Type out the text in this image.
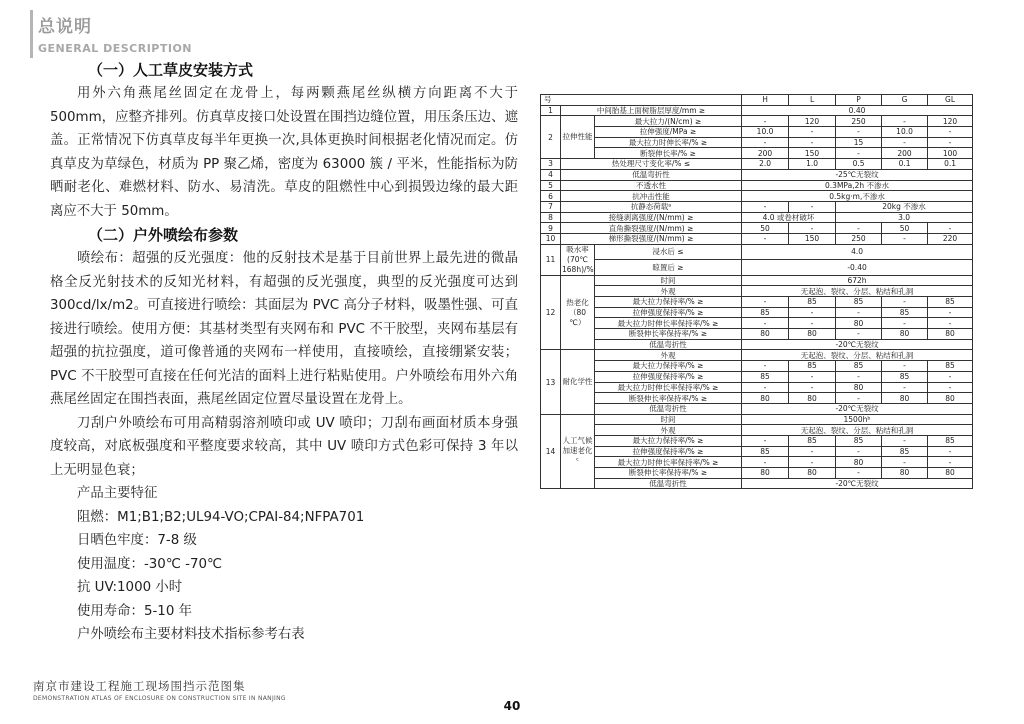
总说明
GENERAL DESCRIPTION
（一）人工草皮安装方式
用外六角燕尾丝固定在龙骨上，每两颗燕尾丝纵横方向距离不大于500mm，应整齐排列。仿真草皮接口处设置在围挡边缝位置，用压条压边、遮盖。正常情况下仿真草皮每半年更换一次,具体更换时间根据老化情况而定。仿真草皮为草绿色，材质为 PP 聚乙烯，密度为 63000 簇 / 平米，性能指标为防晒耐老化、难燃材料、防水、易清洗。草皮的阻燃性中心到损毁边缘的最大距离应不大于 50mm。
（二）户外喷绘布参数
喷绘布：超强的反光强度：他的反射技术是基于目前世界上最先进的微晶格全反光射技术的反知光材料，有超强的反光强度，典型的反光强度可达到 300cd/lx/m2。可直接进行喷绘：其面层为 PVC 高分子材料，吸墨性强、可直接进行喷绘。使用方便：其基材类型有夹网布和 PVC 不干胶型，夹网布基层有超强的抗拉强度，道可像普通的夹网布一样使用，直接喷绘，直接绷紧安装；PVC 不干胶型可直接在任何光洁的面料上进行粘贴使用。户外喷绘布用外六角燕尾丝固定在围挡表面，燕尾丝固定位置尽量设置在龙骨上。
刀刮户外喷绘布可用高精弱溶剂喷印或 UV 喷印；刀刮布画面材质本身强度较高，对底板强度和平整度要求较高，其中 UV 喷印方式色彩可保持 3 年以上无明显色衰；
产品主要特征
阻燃：M1;B1;B2;UL94-VO;CPAI-84;NFPA701
日晒色牢度：7-8 级
使用温度：-30℃ -70℃
抗 UV:1000 小时
使用寿命：5-10 年
户外喷绘布主要材料技术指标参考右表
南京市建设工程施工现场围挡示范图集
DEMONSTRATION ATLAS OF ENCLOSURE ON CONSTRUCTION SITE IN NANJING
40
号			H	L	P	G	GL
1	中间胎基上面树脂层厚度/mm ≥		0.40				
2	拉伸性能	最大拉力/(N/cm) ≥	-	120	250	-	120
		拉伸强度/MPa ≥	10.0	-	-	10.0	-
		最大拉力时伸长率/% ≥	-	-	15	-	-
		断裂伸长率/% ≥	200	150	-	200	100
3	热处理尺寸变化率/% ≤		2.0	1.0	0.5	0.1	0.1
4	低温弯折性		-25℃无裂纹				
5	不透水性		0.3MPa,2h 不渗水				
6	抗冲击性能		0.5kg·m,不渗水				
7	抗静态荷载ᵃ		-	-	20kg 不渗水		
8	接缝剥离强度/(N/mm) ≥		4.0 或卷材破坏		3.0		
9	直角撕裂强度/(N/mm) ≥		50	-	-	50	-
10	梯形撕裂强度/(N/mm) ≥		-	150	250	-	220
11	吸水率(70℃ 168h)/%	浸水后 ≤	4.0				
		晾置后 ≥	-0.40				
12	热老化（80 ℃）	时间	672h				
		外观	无起泡、裂纹、分层、粘结和孔洞				
		最大拉力保持率/% ≥	-	85	85	-	85
		拉伸强度保持率/% ≥	85	-	-	85	-
		最大拉力时伸长率保持率/% ≥	-	-	80	-	-
		断裂伸长率保持率/% ≥	80	80	-	80	80
		低温弯折性	-20℃无裂纹				
13	耐化学性	外观	无起泡、裂纹、分层、粘结和孔洞				
		最大拉力保持率/% ≥	-	85	85	-	85
		拉伸强度保持率/% ≥	85	-	-	85	-
		最大拉力时伸长率保持率/% ≥	-	-	80	-	-
		断裂伸长率保持率/% ≥	80	80	-	80	80
		低温弯折性	-20℃无裂纹				
14	人工气候加速老化ᶜ	时间	1500hᵇ				
		外观	无起泡、裂纹、分层、粘结和孔洞				
		最大拉力保持率/% ≥	-	85	85	-	85
		拉伸强度保持率/% ≥	85	-	-	85	-
		最大拉力时伸长率保持率/% ≥	-	-	80	-	-
		断裂伸长率保持率/% ≥	80	80	-	80	80
		低温弯折性	-20℃无裂纹				
